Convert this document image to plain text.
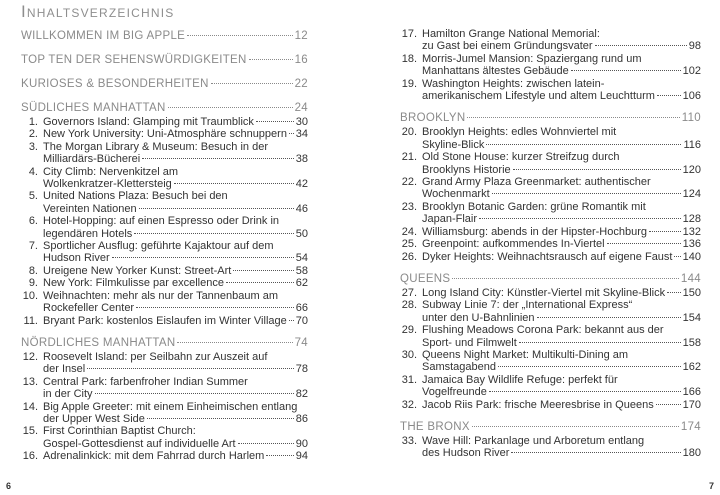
Inhaltsverzeichnis
WILLKOMMEN IM BIG APPLE	12
TOP TEN DER SEHENSWÜRDIGKEITEN	16
KURIOSES & BESONDERHEITEN	22
SÜDLICHES MANHATTAN	24
1. Governors Island: Glamping mit Traumblick	30
2. New York University: Uni-Atmosphäre schnuppern 34
3. The Morgan Library & Museum: Besuch in der
Milliardärs-Bücherei	38
4. City Climb: Nervenkitzel am
Wolkenkratzer-Klettersteig	42
5. United Nations Plaza: Besuch bei den
Vereinten Nationen	46
6. Hotel-Hopping: auf einen Espresso oder Drink in
legendären Hotels	50
7. Sportlicher Ausflug: geführte Kajaktour auf dem
Hudson River	54
8. Ureigene New Yorker Kunst: Street-Art	58
9. New York: Filmkulisse par excellence	62
10. Weihnachten: mehr als nur der Tannenbaum am
Rockefeller Center	66
11. Bryant Park: kostenlos Eislaufen im Winter Village 70
NÖRDLICHES MANHATTAN	74
12. Roosevelt Island: per Seilbahn zur Auszeit auf
der Insel	78
13. Central Park: farbenfroher Indian Summer
in der City	82
14. Big Apple Greeter: mit einem Einheimischen entlang
der Upper West Side	86
15. First Corinthian Baptist Church:
Gospel-Gottesdienst auf individuelle Art	90
16. Adrenalinkick: mit dem Fahrrad durch Harlem	94
6
17. Hamilton Grange National Memorial:
zu Gast bei einem Gründungsvater	98
18. Morris-Jumel Mansion: Spaziergang rund um
Manhattans ältestes Gebäude	102
19. Washington Heights: zwischen latein-
amerikanischem Lifestyle und altem Leuchtturm	106
BROOKLYN	110
20. Brooklyn Heights: edles Wohnviertel mit
Skyline-Blick	116
21. Old Stone House: kurzer Streifzug durch
Brooklyns Historie	120
22. Grand Army Plaza Greenmarket: authentischer
Wochenmarkt	124
23. Brooklyn Botanic Garden: grüne Romantik mit
Japan-Flair	128
24. Williamsburg: abends in der Hipster-Hochburg	132
25. Greenpoint: aufkommendes In-Viertel	136
26. Dyker Heights: Weihnachtsrausch auf eigene Faust 140
QUEENS	144
27. Long Island City: Künstler-Viertel mit Skyline-Blick 150
28. Subway Linie 7: der „International Express“
unter den U-Bahnlinien	154
29. Flushing Meadows Corona Park: bekannt aus der
Sport- und Filmwelt	158
30. Queens Night Market: Multikulti-Dining am
Samstagabend	162
31. Jamaica Bay Wildlife Refuge: perfekt für
Vogelfreunde	166
32. Jacob Riis Park: frische Meeresbrise in Queens	170
THE BRONX	174
33. Wave Hill: Parkanlage und Arboretum entlang
des Hudson River	180
7
